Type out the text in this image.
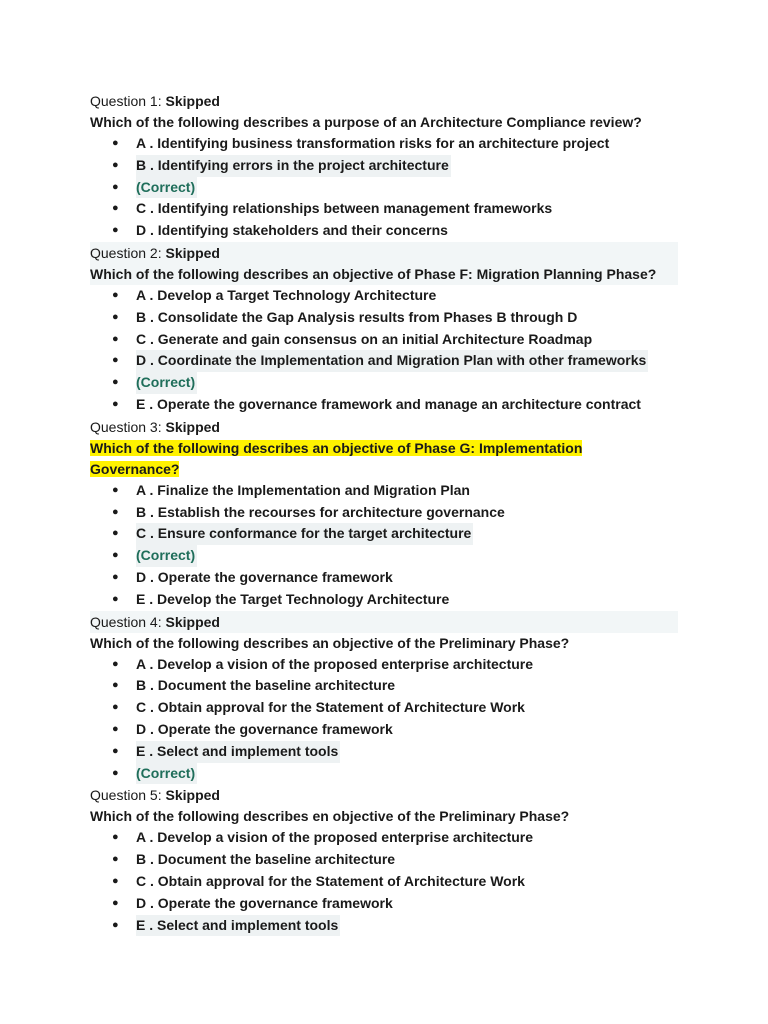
Question 1: Skipped
Which of the following describes a purpose of an Architecture Compliance review?
● A . Identifying business transformation risks for an architecture project
● B . Identifying errors in the project architecture
● (Correct)
● C . Identifying relationships between management frameworks
● D . Identifying stakeholders and their concerns
Question 2: Skipped
Which of the following describes an objective of Phase F: Migration Planning Phase?
● A . Develop a Target Technology Architecture
● B . Consolidate the Gap Analysis results from Phases B through D
● C . Generate and gain consensus on an initial Architecture Roadmap
● D . Coordinate the Implementation and Migration Plan with other frameworks
● (Correct)
● E . Operate the governance framework and manage an architecture contract
Question 3: Skipped
Which of the following describes an objective of Phase G: Implementation
Governance?
● A . Finalize the Implementation and Migration Plan
● B . Establish the recourses for architecture governance
● C . Ensure conformance for the target architecture
● (Correct)
● D . Operate the governance framework
● E . Develop the Target Technology Architecture
Question 4: Skipped
Which of the following describes an objective of the Preliminary Phase?
● A . Develop a vision of the proposed enterprise architecture
● B . Document the baseline architecture
● C . Obtain approval for the Statement of Architecture Work
● D . Operate the governance framework
● E . Select and implement tools
● (Correct)
Question 5: Skipped
Which of the following describes en objective of the Preliminary Phase?
● A . Develop a vision of the proposed enterprise architecture
● B . Document the baseline architecture
● C . Obtain approval for the Statement of Architecture Work
● D . Operate the governance framework
● E . Select and implement tools
